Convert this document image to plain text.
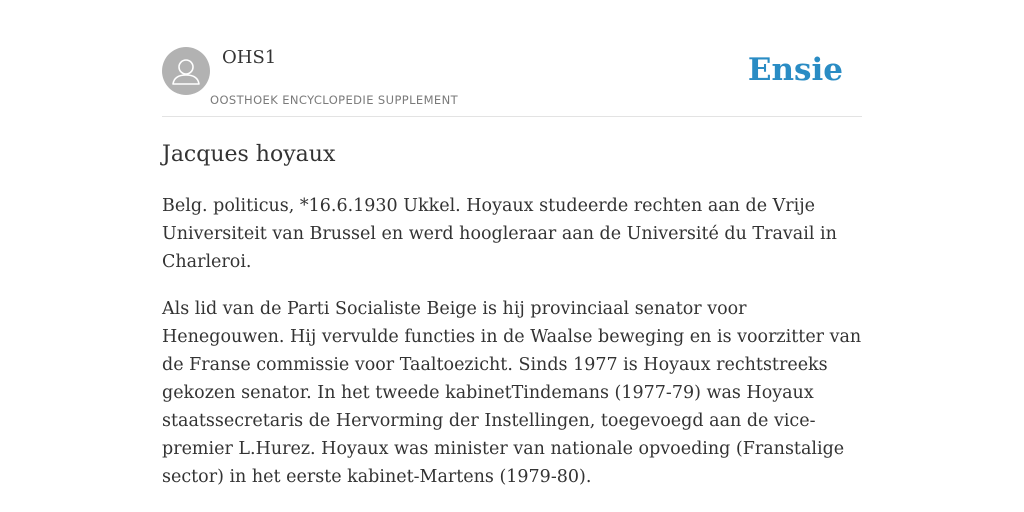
OHS1
OOSTHOEK ENCYCLOPEDIE SUPPLEMENT
Ensie
Jacques hoyaux

Belg. politicus, *16.6.1930 Ukkel. Hoyaux studeerde rechten aan de Vrije Universiteit van Brussel en werd hoogleraar aan de Université du Travail in Charleroi.

Als lid van de Parti Socialiste Beige is hij provinciaal senator voor Henegouwen. Hij vervulde functies in de Waalse beweging en is voorzitter van de Franse commissie voor Taaltoezicht. Sinds 1977 is Hoyaux rechtstreeks gekozen senator. In het tweede kabinetTindemans (1977-79) was Hoyaux staatssecretaris de Hervorming der Instellingen, toegevoegd aan de vice-premier L.Hurez. Hoyaux was minister van nationale opvoeding (Franstalige sector) in het eerste kabinet-Martens (1979-80).
